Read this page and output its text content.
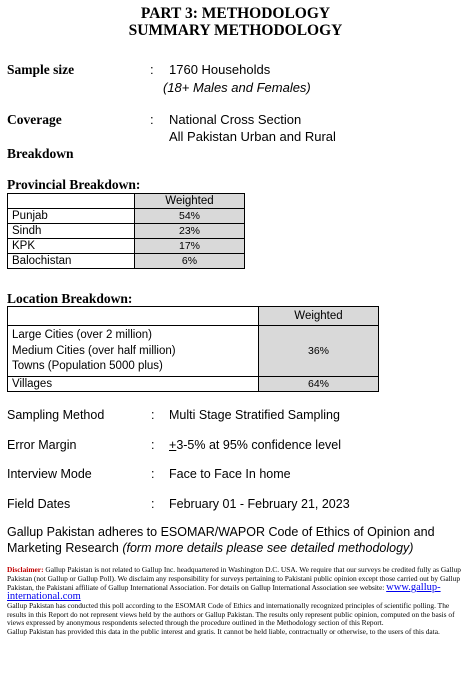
PART 3: METHODOLOGY
SUMMARY METHODOLOGY
Sample size	: 1760 Households
(18+ Males and Females)
Coverage	: National Cross Section
All Pakistan Urban and Rural
Breakdown
Provincial Breakdown:
	Weighted
Punjab	54%
Sindh	23%
KPK	17%
Balochistan	6%
Location Breakdown:
	Weighted

Large Cities (over 2 million)
Medium Cities (over half million)
Towns (Population 5000 plus)	36%
Villages	64%
Sampling Method	: Multi Stage Stratified Sampling
Error Margin	: +3-5% at 95% confidence level
Interview Mode	: Face to Face In home
Field Dates	: February 01 - February 21, 2023
Gallup Pakistan adheres to ESOMAR/WAPOR Code of Ethics of Opinion and Marketing Research (form more details please see detailed methodology)
Disclaimer: Gallup Pakistan is not related to Gallup Inc. headquartered in Washington D.C. USA. We require that our surveys be credited fully as Gallup Pakistan (not Gallup or Gallup Poll). We disclaim any responsibility for surveys pertaining to Pakistani public opinion except those carried out by Gallup Pakistan, the Pakistani affiliate of Gallup International Association. For details on Gallup International Association see website: www.gallup-international.com
Gallup Pakistan has conducted this poll according to the ESOMAR Code of Ethics and internationally recognized principles of scientific polling. The results in this Report do not represent views held by the authors or Gallup Pakistan. The results only represent public opinion, computed on the basis of views expressed by anonymous respondents selected through the procedure outlined in the Methodology section of this Report.
Gallup Pakistan has provided this data in the public interest and gratis. It cannot be held liable, contractually or otherwise, to the users of this data.
